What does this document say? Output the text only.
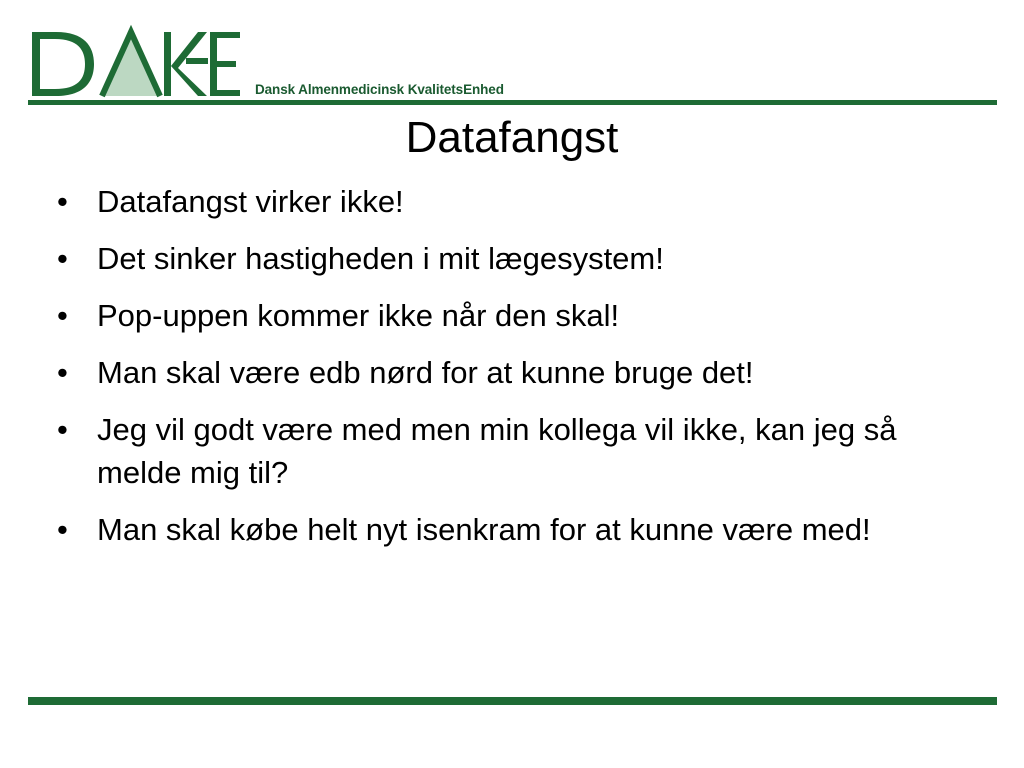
Dansk Almenmedicinsk KvalitetsEnhed
Datafangst
• Datafangst virker ikke!
• Det sinker hastigheden i mit lægesystem!
• Pop-uppen kommer ikke når den skal!
• Man skal være edb nørd for at kunne bruge det!
• Jeg vil godt være med men min kollega vil ikke, kan jeg så melde mig til?
• Man skal købe helt nyt isenkram for at kunne være med!
